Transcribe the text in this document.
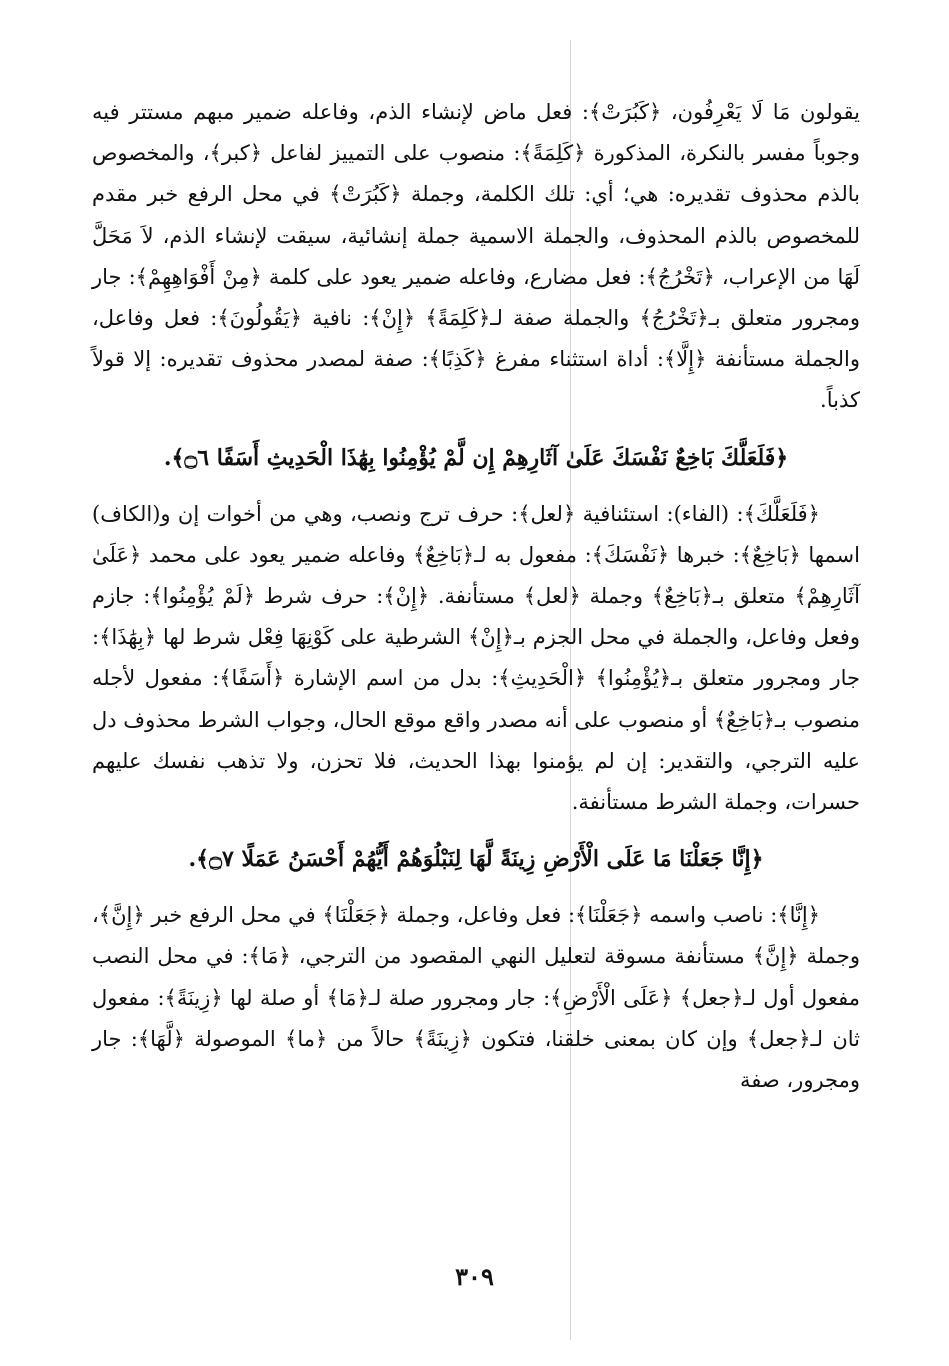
يقولون مَا لَا يَعْرِفُون، ﴿كَبُرَتْ﴾: فعل ماض لإنشاء الذم، وفاعله ضمير مبهم مستتر فيه وجوباً مفسر بالنكرة، المذكورة ﴿كَلِمَةً﴾: منصوب على التمييز لفاعل ﴿كبر﴾، والمخصوص بالذم محذوف تقديره: هي؛ أي: تلك الكلمة، وجملة ﴿كَبُرَتْ﴾ في محل الرفع خبر مقدم للمخصوص بالذم المحذوف، والجملة الاسمية جملة إنشائية، سيقت لإنشاء الذم، لاَ مَحَلَّ لَهَا من الإعراب، ﴿تَخْرُجُ﴾: فعل مضارع، وفاعله ضمير يعود على كلمة ﴿مِنْ أَفْوَاهِهِمْ﴾: جار ومجرور متعلق بـ﴿تَخْرُجُ﴾ والجملة صفة لـ﴿كَلِمَةً﴾ ﴿إِنْ﴾: نافية ﴿يَقُولُونَ﴾: فعل وفاعل، والجملة مستأنفة ﴿إِلَّا﴾: أداة استثناء مفرغ ﴿كَذِبًا﴾: صفة لمصدر محذوف تقديره: إلا قولاً كذباً.

﴿فَلَعَلَّكَ بَاخِعٌ نَفْسَكَ عَلَىٰ آثَارِهِمْ إِن لَّمْ يُؤْمِنُوا بِهَٰذَا الْحَدِيثِ أَسَفًا ۝٦﴾.

﴿فَلَعَلَّكَ﴾: (الفاء): استئنافية ﴿لعل﴾: حرف ترج ونصب، وهي من أخوات إن و(الكاف) اسمها ﴿بَاخِعٌ﴾: خبرها ﴿نَفْسَكَ﴾: مفعول به لـ﴿بَاخِعٌ﴾ وفاعله ضمير يعود على محمد ﴿عَلَىٰ آثَارِهِمْ﴾ متعلق بـ﴿بَاخِعٌ﴾ وجملة ﴿لعل﴾ مستأنفة. ﴿إِنْ﴾: حرف شرط ﴿لَمْ يُؤْمِنُوا﴾: جازم وفعل وفاعل، والجملة في محل الجزم بـ﴿إِنْ﴾ الشرطية على كَوْنِهَا فِعْل شرط لها ﴿بِهَٰذَا﴾: جار ومجرور متعلق بـ﴿يُؤْمِنُوا﴾ ﴿الْحَدِيثِ﴾: بدل من اسم الإشارة ﴿أَسَفًا﴾: مفعول لأجله منصوب بـ﴿بَاخِعٌ﴾ أو منصوب على أنه مصدر واقع موقع الحال، وجواب الشرط محذوف دل عليه الترجي، والتقدير: إن لم يؤمنوا بهذا الحديث، فلا تحزن، ولا تذهب نفسك عليهم حسرات، وجملة الشرط مستأنفة.

﴿إِنَّا جَعَلْنَا مَا عَلَى الْأَرْضِ زِينَةً لَّهَا لِنَبْلُوَهُمْ أَيُّهُمْ أَحْسَنُ عَمَلًا ۝٧﴾.

﴿إِنَّا﴾: ناصب واسمه ﴿جَعَلْنَا﴾: فعل وفاعل، وجملة ﴿جَعَلْنَا﴾ في محل الرفع خبر ﴿إِنَّ﴾، وجملة ﴿إِنَّ﴾ مستأنفة مسوقة لتعليل النهي المقصود من الترجي، ﴿مَا﴾: في محل النصب مفعول أول لـ﴿جعل﴾ ﴿عَلَى الْأَرْضِ﴾: جار ومجرور صلة لـ﴿مَا﴾ أو صلة لها ﴿زِينَةً﴾: مفعول ثان لـ﴿جعل﴾ وإن كان بمعنى خلقنا، فتكون ﴿زِينَةً﴾ حالاً من ﴿ما﴾ الموصولة ﴿لَّهَا﴾: جار ومجرور، صفة

٣٠٩
